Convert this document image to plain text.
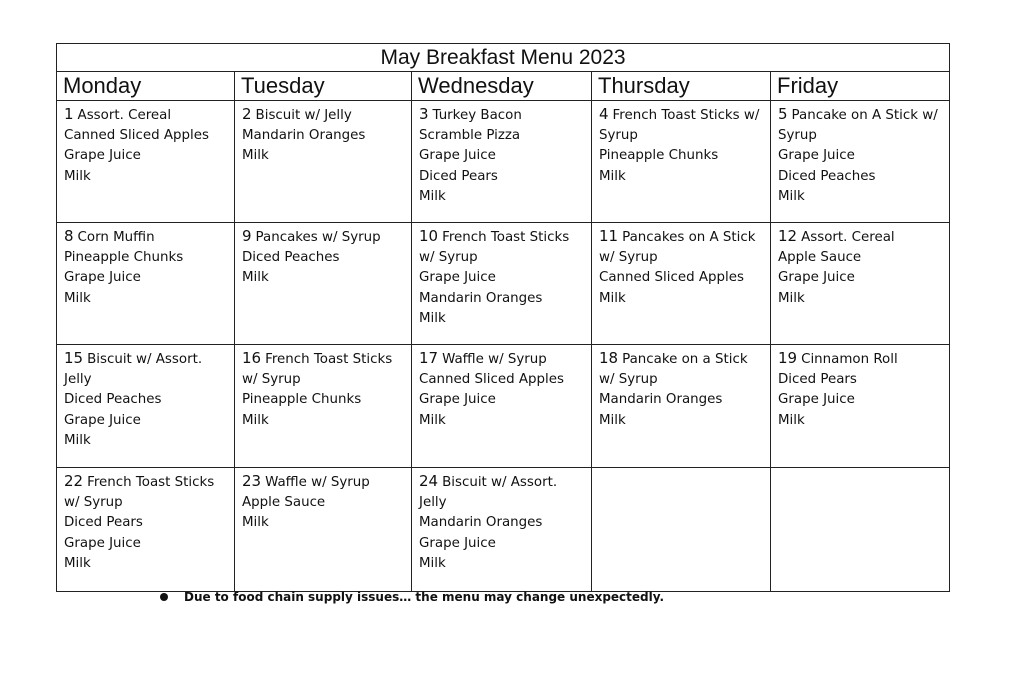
May Breakfast Menu 2023				
Monday	Tuesday	Wednesday	Thursday	Friday

1 Assort. Cereal
Canned Sliced Apples
Grape Juice
Milk	2 Biscuit w/ Jelly
Mandarin Oranges
Milk	3 Turkey Bacon
Scramble Pizza
Grape Juice
Diced Pears
Milk	4 French Toast Sticks w/
Syrup
Pineapple Chunks
Milk	5 Pancake on A Stick w/
Syrup
Grape Juice
Diced Peaches
Milk

8 Corn Muffin
Pineapple Chunks
Grape Juice
Milk	9 Pancakes w/ Syrup
Diced Peaches
Milk	10 French Toast Sticks
w/ Syrup
Grape Juice
Mandarin Oranges
Milk	11 Pancakes on A Stick
w/ Syrup
Canned Sliced Apples
Milk	12 Assort. Cereal
Apple Sauce
Grape Juice
Milk

15 Biscuit w/ Assort.
Jelly
Diced Peaches
Grape Juice
Milk	16 French Toast Sticks
w/ Syrup
Pineapple Chunks
Milk	17 Waffle w/ Syrup
Canned Sliced Apples
Grape Juice
Milk	18 Pancake on a Stick
w/ Syrup
Mandarin Oranges
Milk	19 Cinnamon Roll
Diced Pears
Grape Juice
Milk

22 French Toast Sticks
w/ Syrup
Diced Pears
Grape Juice
Milk	23 Waffle w/ Syrup
Apple Sauce
Milk	24 Biscuit w/ Assort.
Jelly
Mandarin Oranges
Grape Juice
Milk		

Due to food chain supply issues… the menu may change unexpectedly.
